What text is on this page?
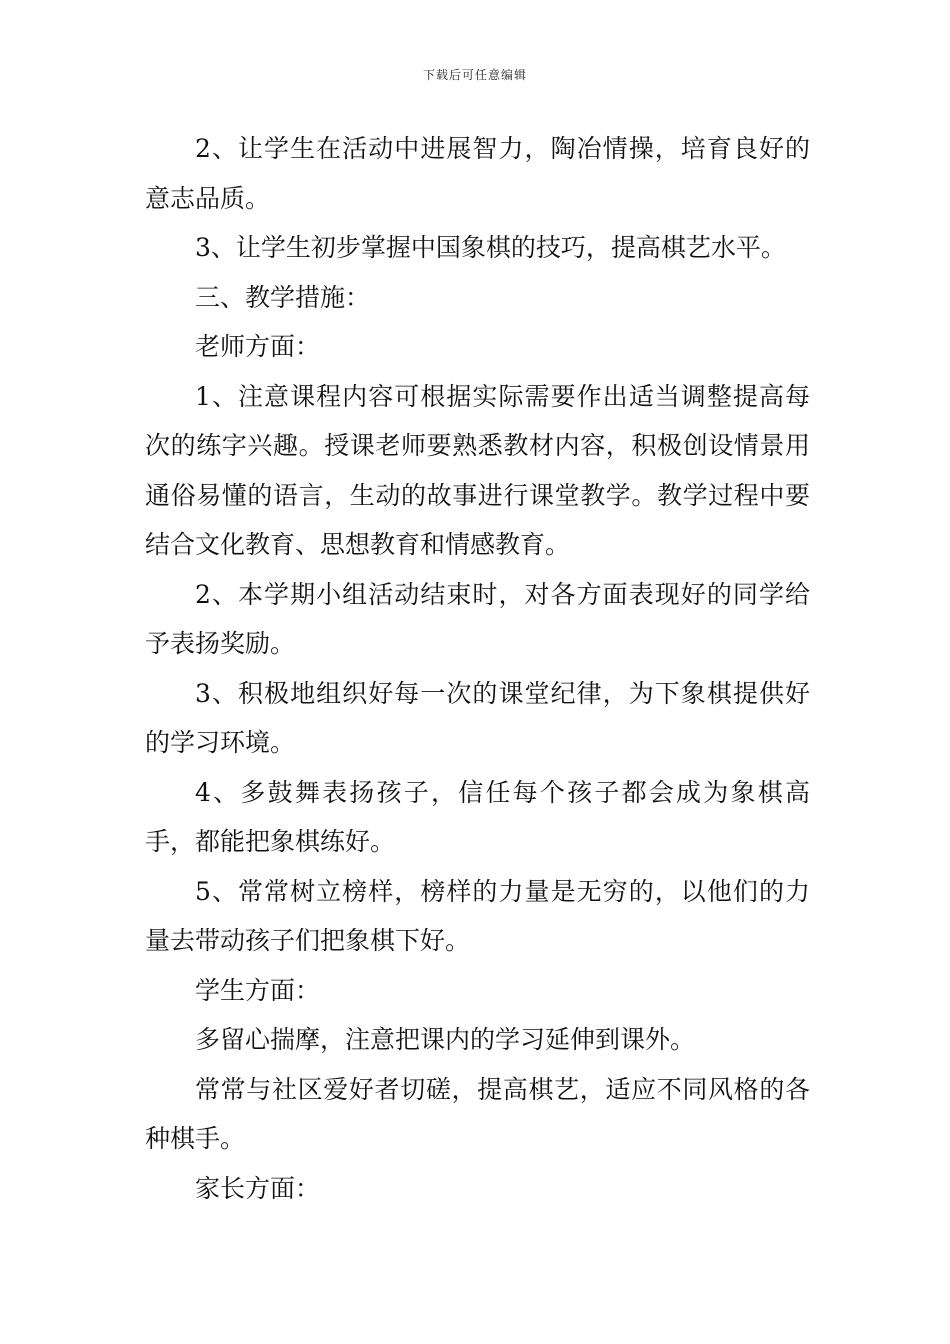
下载后可任意编辑

2、让学生在活动中进展智力，陶冶情操，培育良好的意志品质。

3、让学生初步掌握中国象棋的技巧，提高棋艺水平。

三、教学措施：

老师方面：

1、注意课程内容可根据实际需要作出适当调整提高每次的练字兴趣。授课老师要熟悉教材内容，积极创设情景用通俗易懂的语言，生动的故事进行课堂教学。教学过程中要结合文化教育、思想教育和情感教育。

2、本学期小组活动结束时，对各方面表现好的同学给予表扬奖励。

3、积极地组织好每一次的课堂纪律，为下象棋提供好的学习环境。

4、多鼓舞表扬孩子，信任每个孩子都会成为象棋高手，都能把象棋练好。

5、常常树立榜样，榜样的力量是无穷的，以他们的力量去带动孩子们把象棋下好。

学生方面：

多留心揣摩，注意把课内的学习延伸到课外。

常常与社区爱好者切磋，提高棋艺，适应不同风格的各种棋手。

家长方面：
